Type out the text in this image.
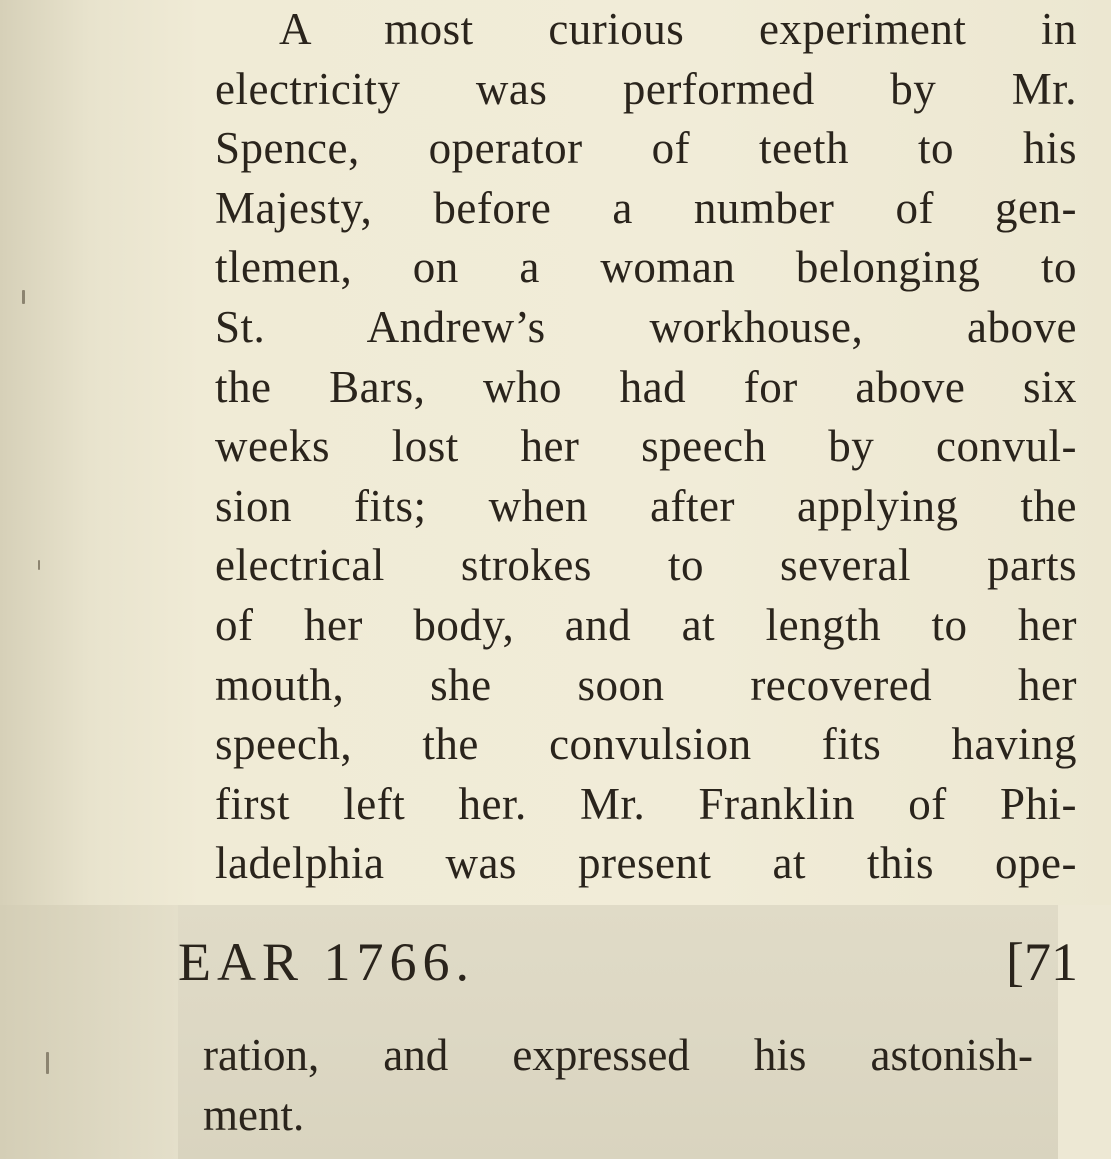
A most curious experiment in
electricity was performed by Mr.
Spence, operator of teeth to his
Majesty, before a number of gen-
tlemen, on a woman belonging to
St. Andrew’s workhouse, above
the Bars, who had for above six
weeks lost her speech by convul-
sion fits; when after applying the
electrical strokes to several parts
of her body, and at length to her
mouth, she soon recovered her
speech, the convulsion fits having
first left her. Mr. Franklin of Phi-
ladelphia was present at this ope-
EAR 1766.	[71
ration, and expressed his astonish-
ment.
